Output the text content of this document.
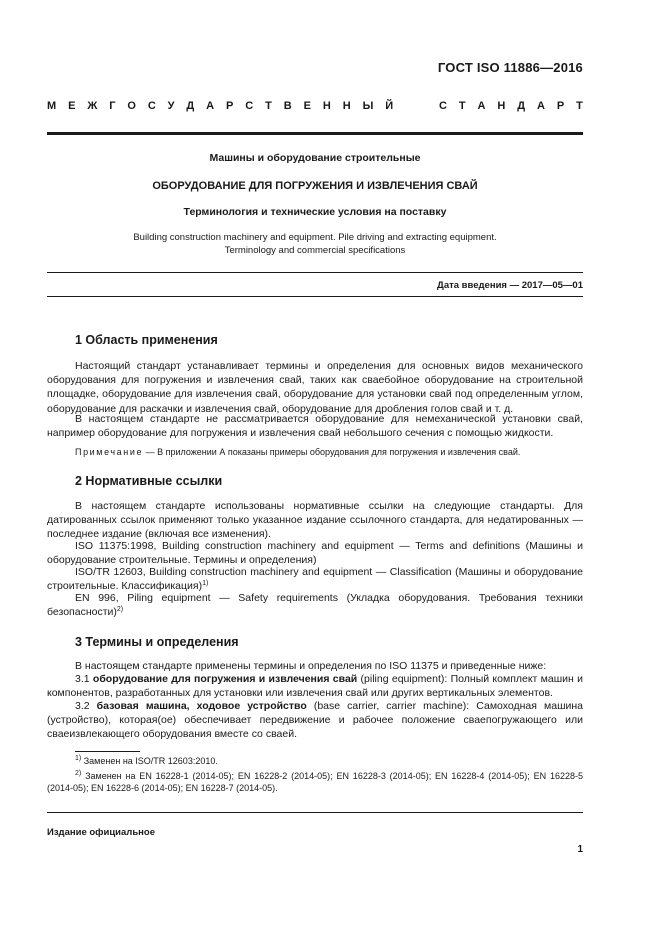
ГОСТ ISO 11886—2016
М Е Ж Г О С У Д А Р С Т В Е Н Н Ы Й	С Т А Н Д А Р Т
Машины и оборудование строительные
ОБОРУДОВАНИЕ ДЛЯ ПОГРУЖЕНИЯ И ИЗВЛЕЧЕНИЯ СВАЙ
Терминология и технические условия на поставку
Building construction machinery and equipment. Pile driving and extracting equipment.
Terminology and commercial specifications
Дата введения — 2017—05—01
1 Область применения

Настоящий стандарт устанавливает термины и определения для основных видов механического оборудования для погружения и извлечения свай, таких как сваебойное оборудование на строительной площадке, оборудование для извлечения свай, оборудование для установки свай под определенным углом, оборудование для раскачки и извлечения свай, оборудование для дробления голов свай и т. д.

В настоящем стандарте не рассматривается оборудование для немеханической установки свай, например оборудование для погружения и извлечения свай небольшого сечения с помощью жидкости.

Примечание — В приложении А показаны примеры оборудования для погружения и извлечения свай.

2 Нормативные ссылки

В настоящем стандарте использованы нормативные ссылки на следующие стандарты. Для датированных ссылок применяют только указанное издание ссылочного стандарта, для недатированных — последнее издание (включая все изменения).

ISO 11375:1998, Building construction machinery and equipment — Terms and definitions (Машины и оборудование строительные. Термины и определения)

ISO/TR 12603, Building construction machinery and equipment — Classification (Машины и оборудование строительные. Классификация)$^{1)}$

EN 996, Piling equipment — Safety requirements (Укладка оборудования. Требования техники безопасности)$^{2)}$

3 Термины и определения

В настоящем стандарте применены термины и определения по ISO 11375 и приведенные ниже:

3.1 оборудование для погружения и извлечения свай (piling equipment): Полный комплект машин и компонентов, разработанных для установки или извлечения свай или других вертикальных элементов.

3.2 базовая машина, ходовое устройство (base carrier, carrier machine): Самоходная машина (устройство), которая(ое) обеспечивает передвижение и рабочее положение сваепогружающего или сваеизвлекающего оборудования вместе со сваей.

$^{1)}$ Заменен на ISO/TR 12603:2010.

$^{2)}$ Заменен на EN 16228-1 (2014-05); EN 16228-2 (2014-05); EN 16228-3 (2014-05); EN 16228-4 (2014-05); EN 16228-5 (2014-05); EN 16228-6 (2014-05); EN 16228-7 (2014-05).

Издание официальное
1
